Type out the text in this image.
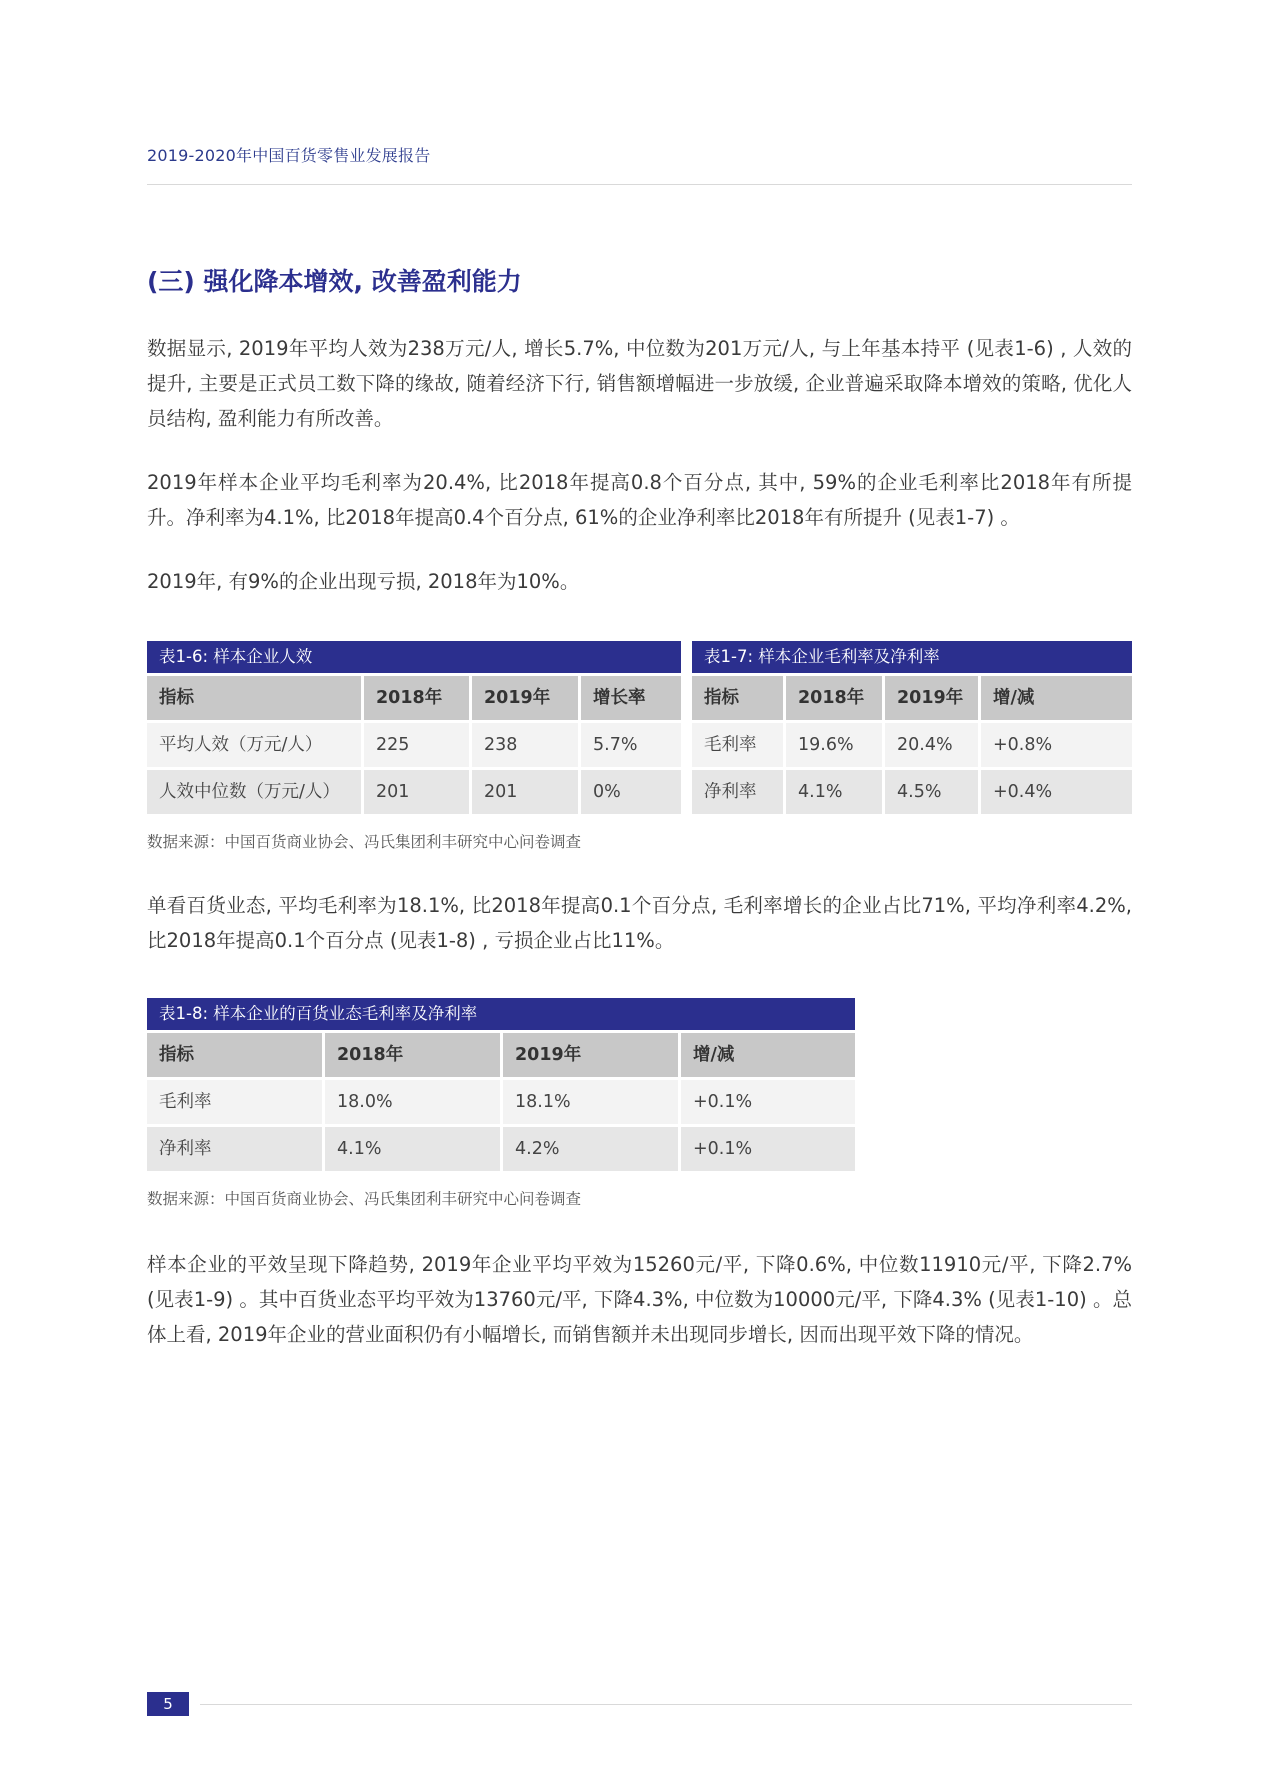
2019-2020年中国百货零售业发展报告
(三) 强化降本增效, 改善盈利能力
数据显示, 2019年平均人效为238万元/人, 增长5.7%, 中位数为201万元/人, 与上年基本持平 (见表1-6) , 人效的提升, 主要是正式员工数下降的缘故, 随着经济下行, 销售额增幅进一步放缓, 企业普遍采取降本增效的策略, 优化人员结构, 盈利能力有所改善。
2019年样本企业平均毛利率为20.4%, 比2018年提高0.8个百分点, 其中, 59%的企业毛利率比2018年有所提升。净利率为4.1%, 比2018年提高0.4个百分点, 61%的企业净利率比2018年有所提升 (见表1-7) 。
2019年, 有9%的企业出现亏损, 2018年为10%。
表1-6: 样本企业人效
指标	2018年	2019年	增长率
平均人效（万元/人）	225	238	5.7%
人效中位数（万元/人）	201	201	0%
表1-7: 样本企业毛利率及净利率
指标	2018年	2019年	增/减
毛利率	19.6%	20.4%	+0.8%
净利率	4.1%	4.5%	+0.4%
数据来源：中国百货商业协会、冯氏集团利丰研究中心问卷调查
单看百货业态, 平均毛利率为18.1%, 比2018年提高0.1个百分点, 毛利率增长的企业占比71%, 平均净利率4.2%, 比2018年提高0.1个百分点 (见表1-8) , 亏损企业占比11%。
表1-8: 样本企业的百货业态毛利率及净利率
指标	2018年	2019年	增/减
毛利率	18.0%	18.1%	+0.1%
净利率	4.1%	4.2%	+0.1%
数据来源：中国百货商业协会、冯氏集团利丰研究中心问卷调查
样本企业的平效呈现下降趋势, 2019年企业平均平效为15260元/平, 下降0.6%, 中位数11910元/平, 下降2.7% (见表1-9) 。其中百货业态平均平效为13760元/平, 下降4.3%, 中位数为10000元/平, 下降4.3% (见表1-10) 。总体上看, 2019年企业的营业面积仍有小幅增长, 而销售额并未出现同步增长, 因而出现平效下降的情况。
5
